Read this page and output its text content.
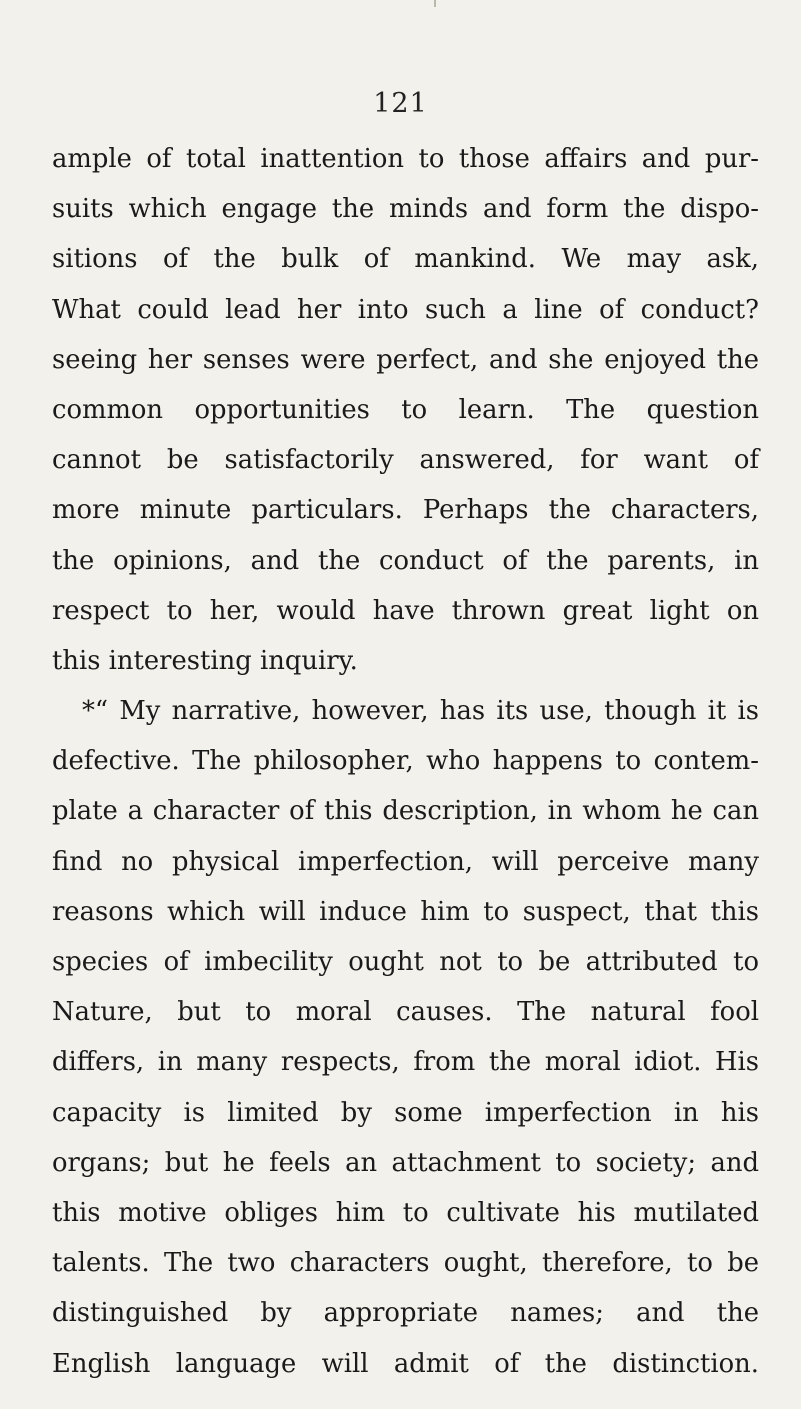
121
ample of total inattention to those affairs and pur-
suits which engage the minds and form the dispo-
sitions of the bulk of mankind. We may ask,
What could lead her into such a line of conduct?
seeing her senses were perfect, and she enjoyed the
common opportunities to learn. The question
cannot be satisfactorily answered, for want of
more minute particulars. Perhaps the characters,
the opinions, and the conduct of the parents, in
respect to her, would have thrown great light on
this interesting inquiry.
*“ My narrative, however, has its use, though it is
defective. The philosopher, who happens to contem-
plate a character of this description, in whom he can
find no physical imperfection, will perceive many
reasons which will induce him to suspect, that this
species of imbecility ought not to be attributed to
Nature, but to moral causes. The natural fool
differs, in many respects, from the moral idiot. His
capacity is limited by some imperfection in his
organs; but he feels an attachment to society; and
this motive obliges him to cultivate his mutilated
talents. The two characters ought, therefore, to be
distinguished by appropriate names; and the
English language will admit of the distinction.
